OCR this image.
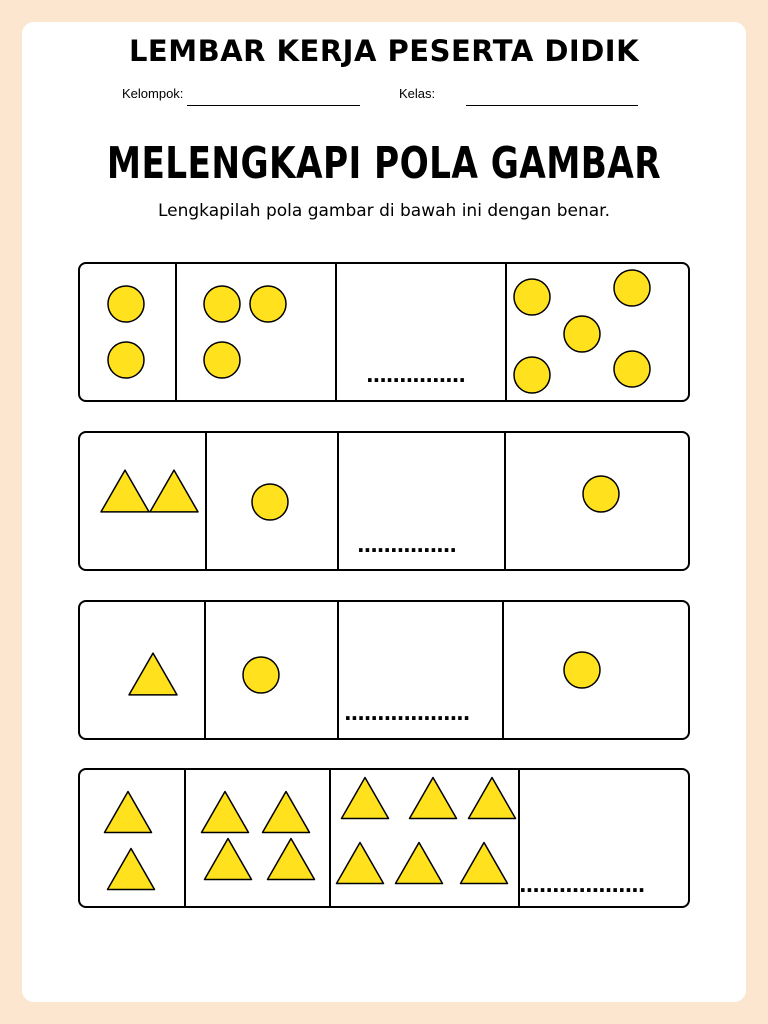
LEMBAR KERJA PESERTA DIDIK
Kelompok:	Kelas:
MELENGKAPI POLA GAMBAR
Lengkapilah pola gambar di bawah ini dengan benar.
...............
...............
...................
...................
